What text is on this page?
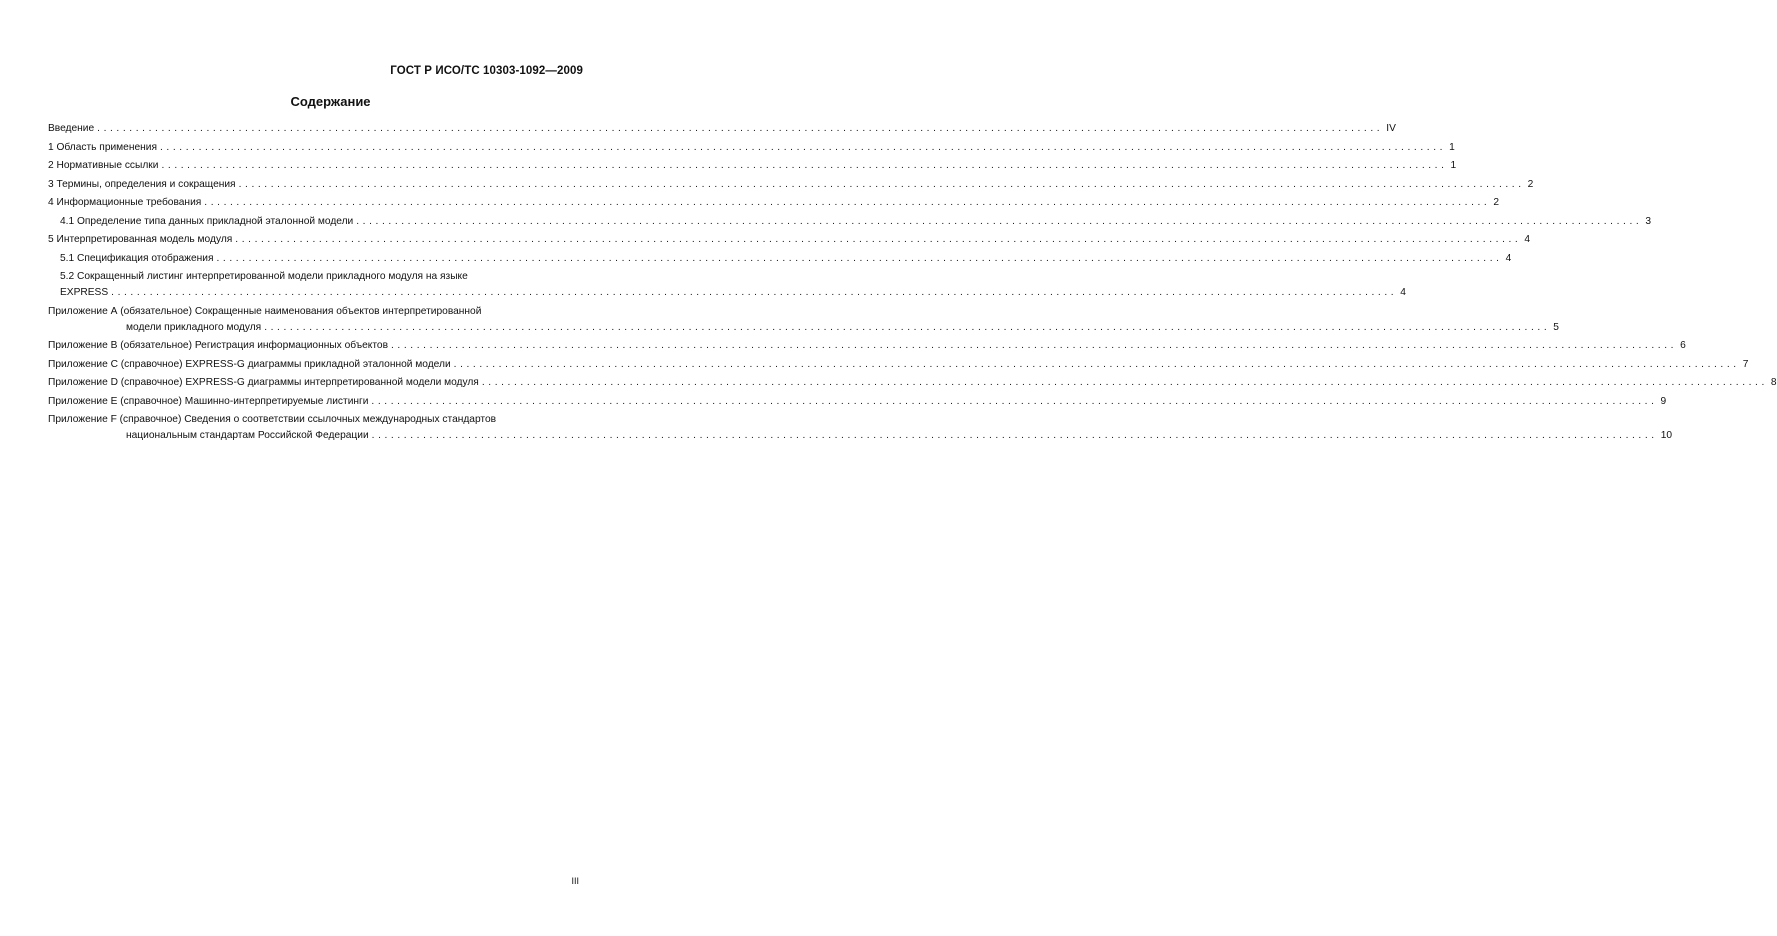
ГОСТ Р ИСО/ТС 10303-1092—2009
Содержание
Введение ........................................................................................................................................................................................................ IV
1 Область применения ........................................................................................................................................................................................................ 1
2 Нормативные ссылки ........................................................................................................................................................................................................ 1
3 Термины, определения и сокращения ........................................................................................................................................................................................................ 2
4 Информационные требования ........................................................................................................................................................................................................ 2
4.1 Определение типа данных прикладной эталонной модели ........................................................................................................................................................................................................ 3
5 Интерпретированная модель модуля ........................................................................................................................................................................................................ 4
5.1 Спецификация отображения ........................................................................................................................................................................................................ 4
5.2 Сокращенный листинг интерпретированной модели прикладного модуля на языке
EXPRESS ........................................................................................................................................................................................................ 4
Приложение А (обязательное) Сокращенные наименования объектов интерпретированной
модели прикладного модуля ........................................................................................................................................................................................................ 5
Приложение В (обязательное) Регистрация информационных объектов ........................................................................................................................................................................................................ 6
Приложение С (справочное) EXPRESS-G диаграммы прикладной эталонной модели ........................................................................................................................................................................................................ 7
Приложение D (справочное) EXPRESS-G диаграммы интерпретированной модели модуля ........................................................................................................................................................................................................ 8
Приложение Е (справочное) Машинно-интерпретируемые листинги ........................................................................................................................................................................................................ 9
Приложение F (справочное) Сведения о соответствии ссылочных международных стандартов
национальным стандартам Российской Федерации ........................................................................................................................................................................................................ 10
III
